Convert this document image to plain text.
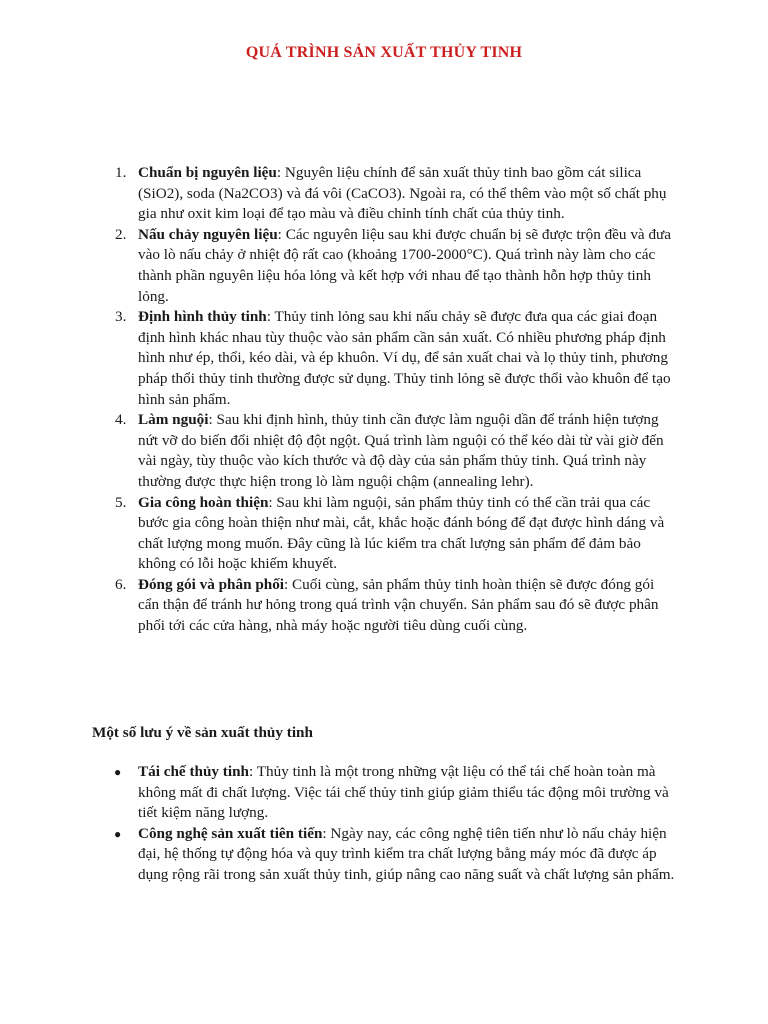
QUÁ TRÌNH SẢN XUẤT THỦY TINH
1. Chuẩn bị nguyên liệu: Nguyên liệu chính để sản xuất thủy tinh bao gồm cát silica (SiO2), soda (Na2CO3) và đá vôi (CaCO3). Ngoài ra, có thể thêm vào một số chất phụ gia như oxit kim loại để tạo màu và điều chỉnh tính chất của thủy tinh.
2. Nấu chảy nguyên liệu: Các nguyên liệu sau khi được chuẩn bị sẽ được trộn đều và đưa vào lò nấu chảy ở nhiệt độ rất cao (khoảng 1700-2000°C). Quá trình này làm cho các thành phần nguyên liệu hóa lỏng và kết hợp với nhau để tạo thành hỗn hợp thủy tinh lỏng.
3. Định hình thủy tinh: Thủy tinh lỏng sau khi nấu chảy sẽ được đưa qua các giai đoạn định hình khác nhau tùy thuộc vào sản phẩm cần sản xuất. Có nhiều phương pháp định hình như ép, thổi, kéo dài, và ép khuôn. Ví dụ, để sản xuất chai và lọ thủy tinh, phương pháp thổi thủy tinh thường được sử dụng. Thủy tinh lỏng sẽ được thổi vào khuôn để tạo hình sản phẩm.
4. Làm nguội: Sau khi định hình, thủy tinh cần được làm nguội dần để tránh hiện tượng nứt vỡ do biến đổi nhiệt độ đột ngột. Quá trình làm nguội có thể kéo dài từ vài giờ đến vài ngày, tùy thuộc vào kích thước và độ dày của sản phẩm thủy tinh. Quá trình này thường được thực hiện trong lò làm nguội chậm (annealing lehr).
5. Gia công hoàn thiện: Sau khi làm nguội, sản phẩm thủy tinh có thể cần trải qua các bước gia công hoàn thiện như mài, cắt, khắc hoặc đánh bóng để đạt được hình dáng và chất lượng mong muốn. Đây cũng là lúc kiểm tra chất lượng sản phẩm để đảm bảo không có lỗi hoặc khiếm khuyết.
6. Đóng gói và phân phối: Cuối cùng, sản phẩm thủy tinh hoàn thiện sẽ được đóng gói cẩn thận để tránh hư hỏng trong quá trình vận chuyển. Sản phẩm sau đó sẽ được phân phối tới các cửa hàng, nhà máy hoặc người tiêu dùng cuối cùng.
Một số lưu ý về sản xuất thủy tinh
● Tái chế thủy tinh: Thủy tinh là một trong những vật liệu có thể tái chế hoàn toàn mà không mất đi chất lượng. Việc tái chế thủy tinh giúp giảm thiểu tác động môi trường và tiết kiệm năng lượng.
● Công nghệ sản xuất tiên tiến: Ngày nay, các công nghệ tiên tiến như lò nấu chảy hiện đại, hệ thống tự động hóa và quy trình kiểm tra chất lượng bằng máy móc đã được áp dụng rộng rãi trong sản xuất thủy tinh, giúp nâng cao năng suất và chất lượng sản phẩm.
